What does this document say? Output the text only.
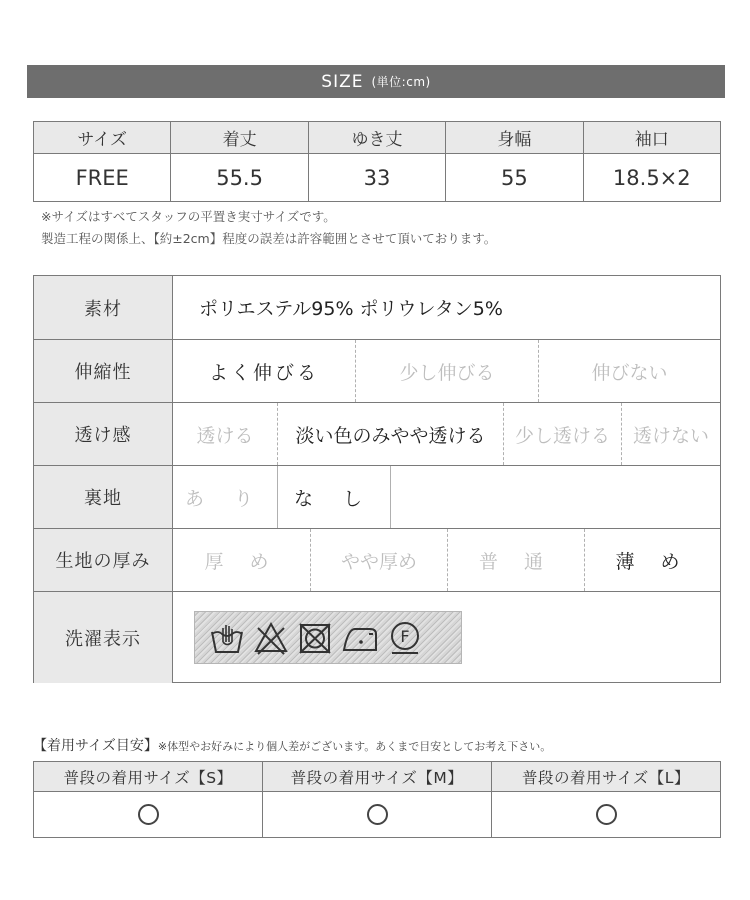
SIZE (単位:cm)
サイズ	着丈	ゆき丈	身幅	袖口
FREE	55.5	33	55	18.5×2
※サイズはすべてスタッフの平置き実寸サイズです。
製造工程の関係上、【約±2cm】程度の誤差は許容範囲とさせて頂いております。
素材	ポリエステル95% ポリウレタン5%
伸縮性	よく伸びる	少し伸びる	伸びない
透け感	透ける	淡い色のみやや透ける	少し透ける	透けない
裏地	あ り	な し
生地の厚み	厚 め	やや厚め	普 通	薄 め
洗濯表示	F
【着用サイズ目安】※体型やお好みにより個人差がございます。あくまで目安としてお考え下さい。
普段の着用サイズ【S】	普段の着用サイズ【M】	普段の着用サイズ【L】
